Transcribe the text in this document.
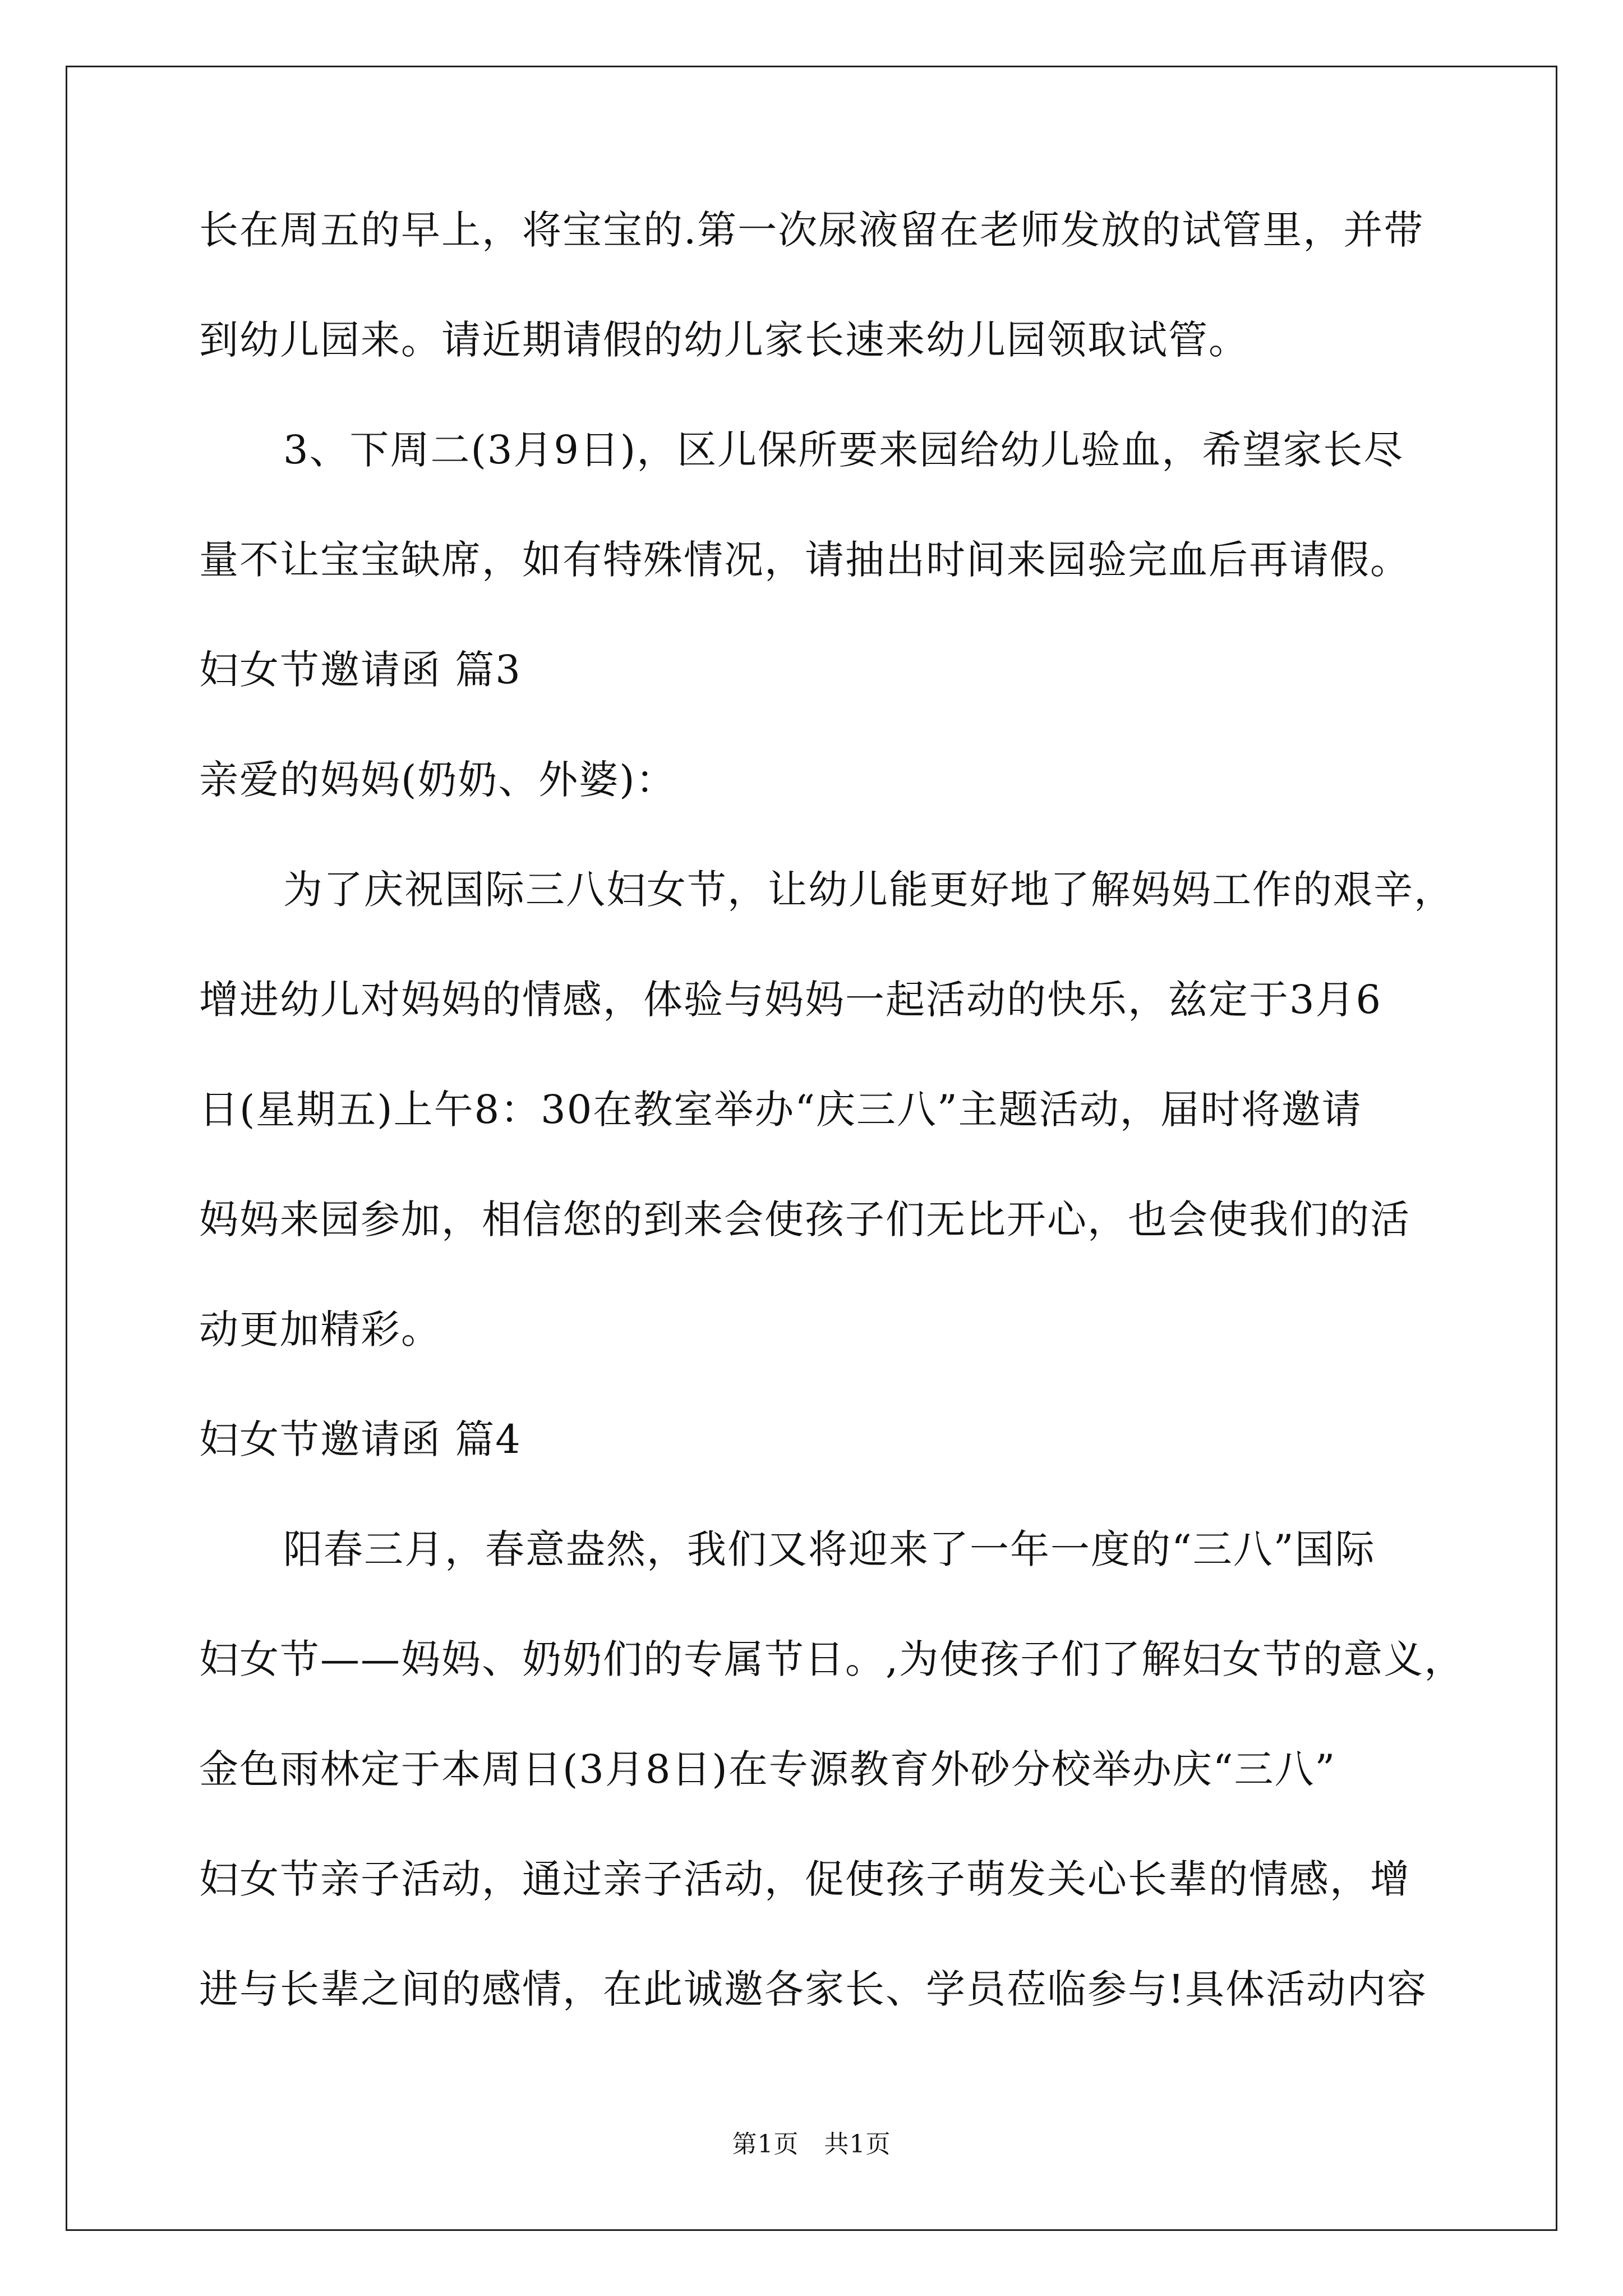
长在周五的早上，将宝宝的.第一次尿液留在老师发放的试管里，并带
到幼儿园来。请近期请假的幼儿家长速来幼儿园领取试管。
3、下周二(3月9日)，区儿保所要来园给幼儿验血，希望家长尽
量不让宝宝缺席，如有特殊情况，请抽出时间来园验完血后再请假。
妇女节邀请函 篇3
亲爱的妈妈(奶奶、外婆)：
为了庆祝国际三八妇女节，让幼儿能更好地了解妈妈工作的艰辛，
增进幼儿对妈妈的情感，体验与妈妈一起活动的快乐，兹定于3月6
日(星期五)上午8：30在教室举办“庆三八”主题活动，届时将邀请
妈妈来园参加，相信您的到来会使孩子们无比开心，也会使我们的活
动更加精彩。
妇女节邀请函 篇4
阳春三月，春意盎然，我们又将迎来了一年一度的“三八”国际
妇女节——妈妈、奶奶们的专属节日。,为使孩子们了解妇女节的意义，
金色雨林定于本周日(3月8日)在专源教育外砂分校举办庆“三八”
妇女节亲子活动，通过亲子活动，促使孩子萌发关心长辈的情感，增
进与长辈之间的感情，在此诚邀各家长、学员莅临参与!具体活动内容
第1页　共1页
